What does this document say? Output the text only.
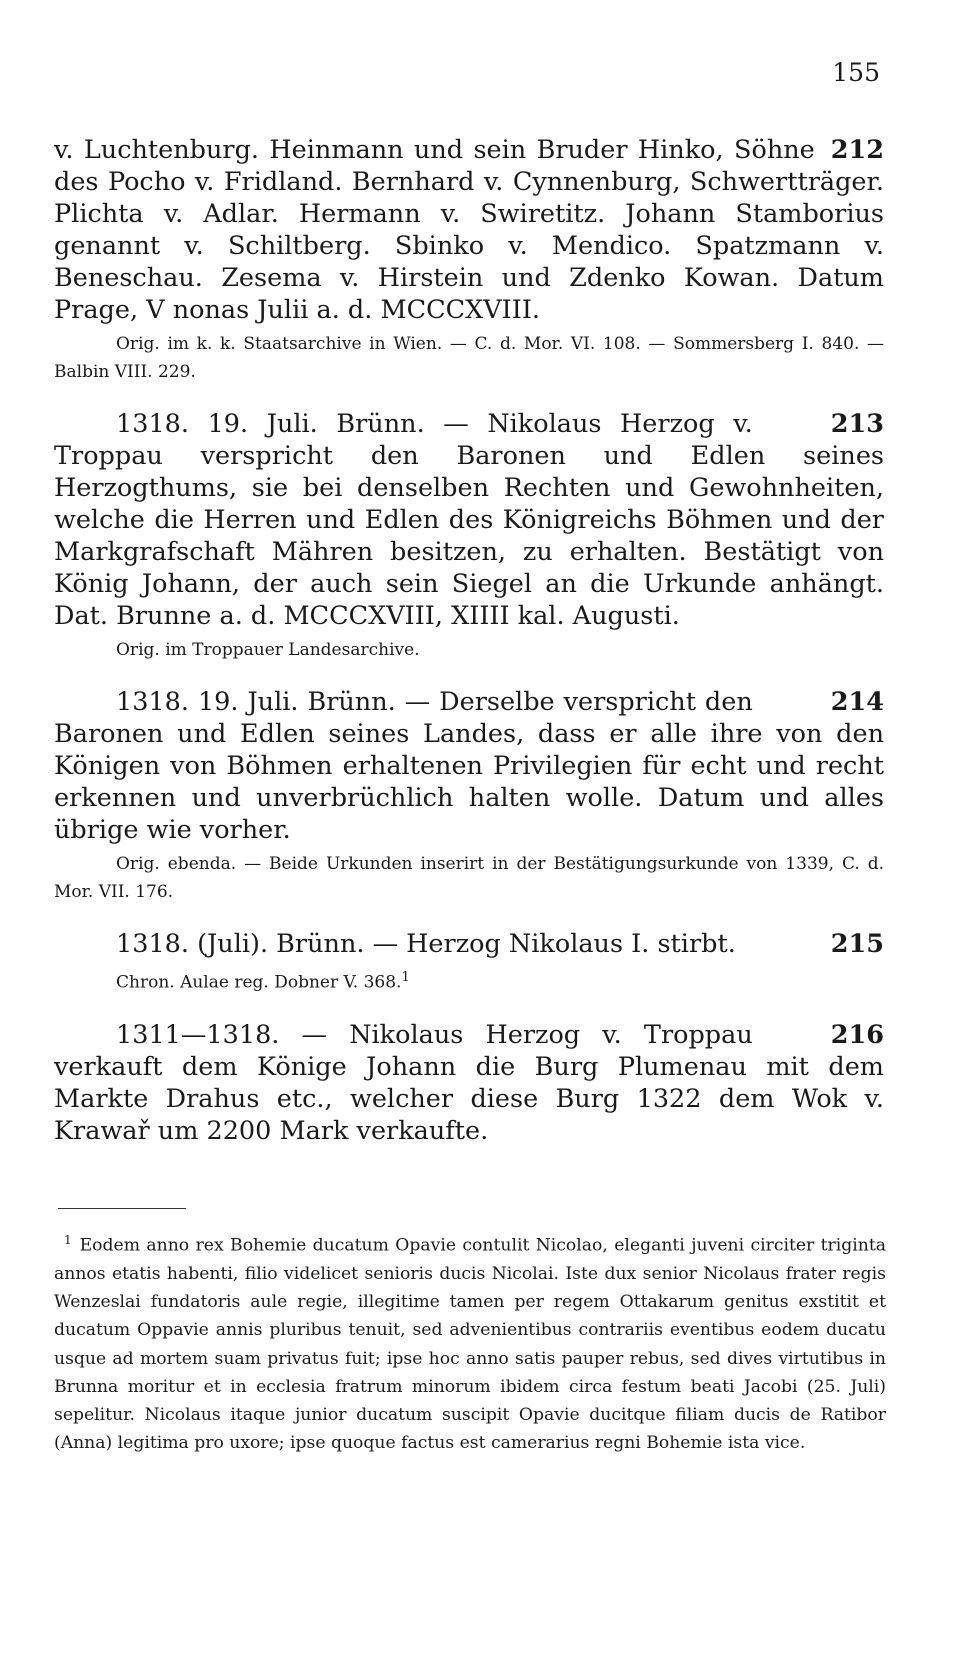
155
212
v. Luchtenburg. Heinmann und sein Bruder Hinko, Söhne des Pocho v. Fridland. Bernhard v. Cynnenburg, Schwertträger. Plichta v. Adlar. Hermann v. Swiretitz. Johann Stamborius genannt v. Schiltberg. Sbinko v. Mendico. Spatzmann v. Beneschau. Zesema v. Hirstein und Zdenko Kowan. Datum Prage, V nonas Julii a. d. MCCCXVIII.
Orig. im k. k. Staatsarchive in Wien. — C. d. Mor. VI. 108. — Sommersberg I. 840. — Balbin VIII. 229.
213
1318. 19. Juli. Brünn. — Nikolaus Herzog v. Troppau verspricht den Baronen und Edlen seines Herzogthums, sie bei denselben Rechten und Gewohnheiten, welche die Herren und Edlen des Königreichs Böhmen und der Markgrafschaft Mähren besitzen, zu erhalten. Bestätigt von König Johann, der auch sein Siegel an die Urkunde anhängt. Dat. Brunne a. d. MCCCXVIII, XIIII kal. Augusti.
Orig. im Troppauer Landesarchive.
214
1318. 19. Juli. Brünn. — Derselbe verspricht den Baronen und Edlen seines Landes, dass er alle ihre von den Königen von Böhmen erhaltenen Privilegien für echt und recht erkennen und unverbrüchlich halten wolle. Datum und alles übrige wie vorher.
Orig. ebenda. — Beide Urkunden inserirt in der Bestätigungsurkunde von 1339, C. d. Mor. VII. 176.
215
1318. (Juli). Brünn. — Herzog Nikolaus I. stirbt.
Chron. Aulae reg. Dobner V. 368.$^1$
216
1311—1318. — Nikolaus Herzog v. Troppau verkauft dem Könige Johann die Burg Plumenau mit dem Markte Drahus etc., welcher diese Burg 1322 dem Wok v. Krawař um 2200 Mark verkaufte.
$^1$ Eodem anno rex Bohemie ducatum Opavie contulit Nicolao, eleganti juveni circiter triginta annos etatis habenti, filio videlicet senioris ducis Nicolai. Iste dux senior Nicolaus frater regis Wenzeslai fundatoris aule regie, illegitime tamen per regem Ottakarum genitus exstitit et ducatum Oppavie annis pluribus tenuit, sed advenientibus contrariis eventibus eodem ducatu usque ad mortem suam privatus fuit; ipse hoc anno satis pauper rebus, sed dives virtutibus in Brunna moritur et in ecclesia fratrum minorum ibidem circa festum beati Jacobi (25. Juli) sepelitur. Nicolaus itaque junior ducatum suscipit Opavie ducitque filiam ducis de Ratibor (Anna) legitima pro uxore; ipse quoque factus est camerarius regni Bohemie ista vice.
